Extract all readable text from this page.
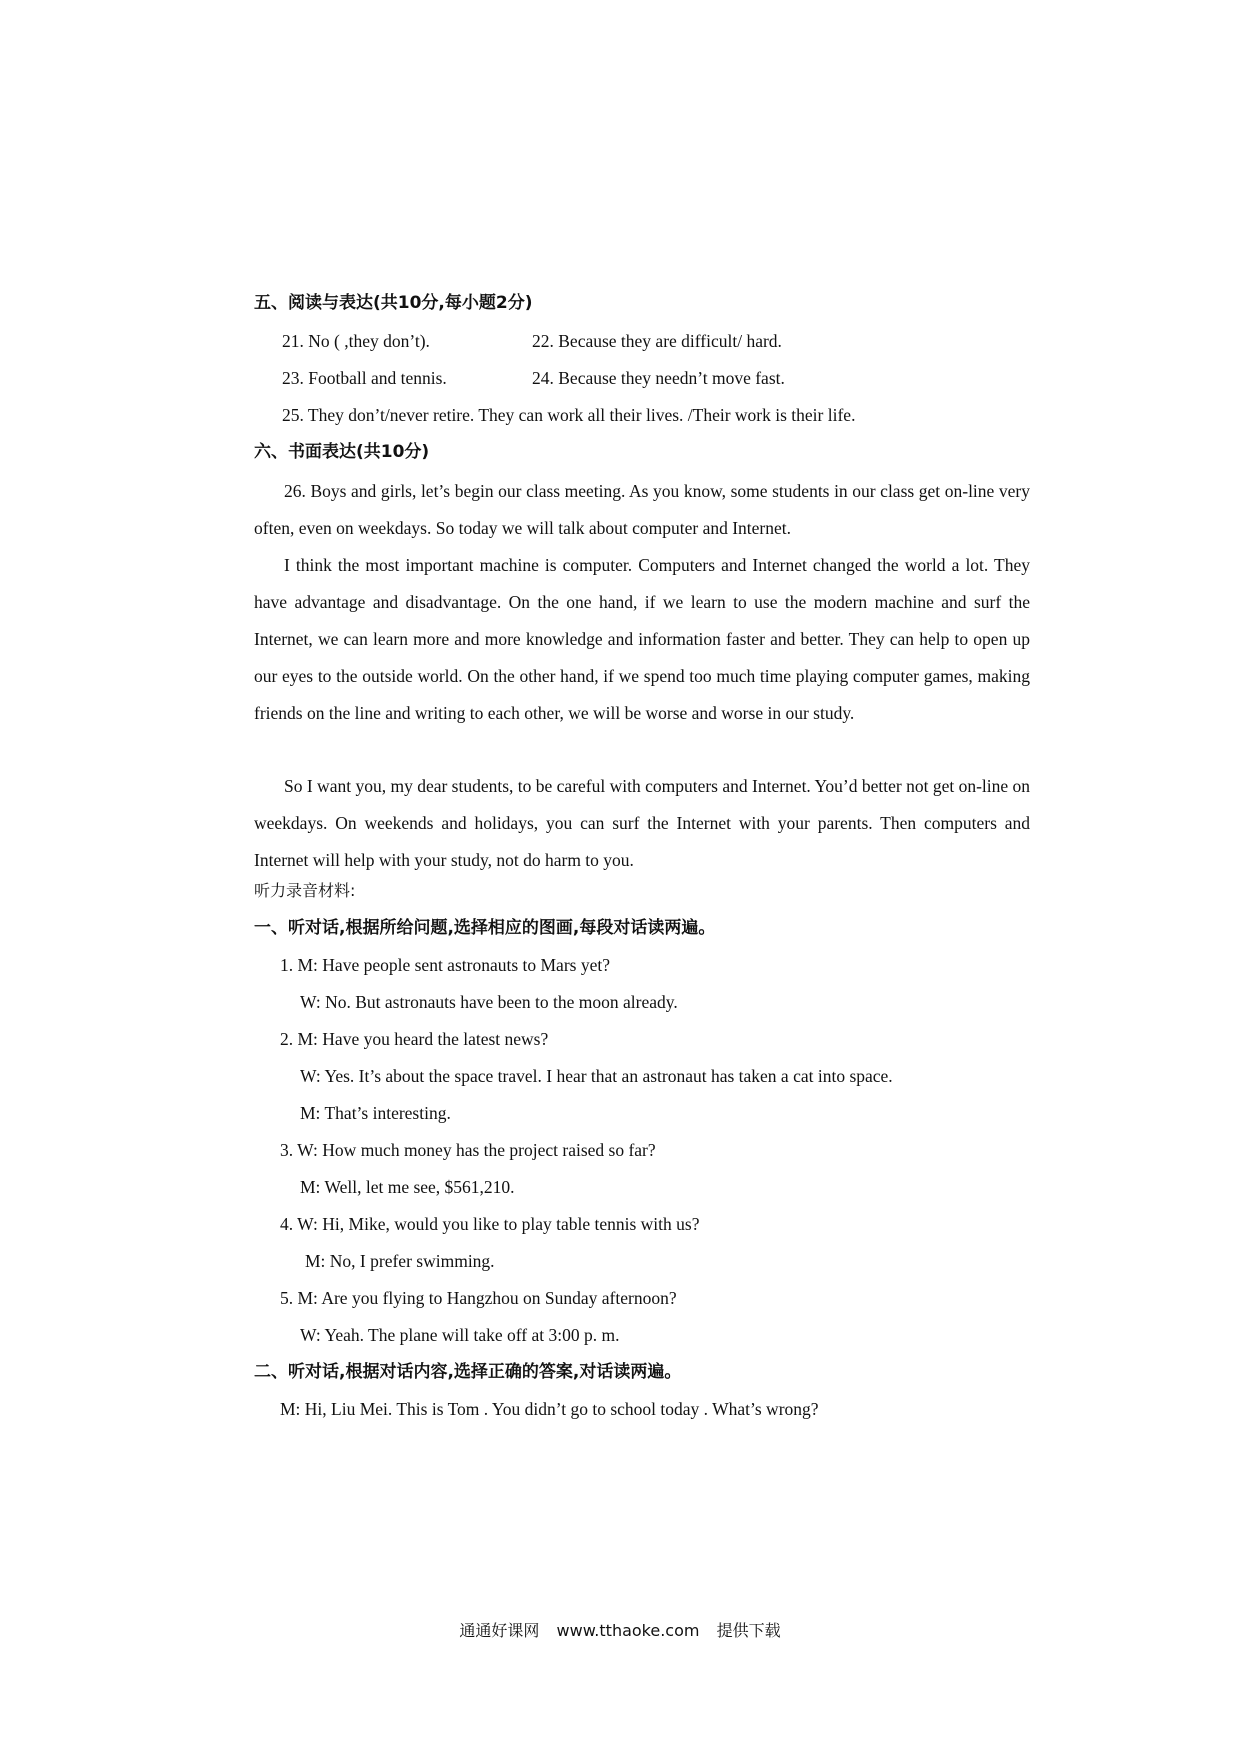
五、阅读与表达(共10分,每小题2分)
21. No ( ,they don’t).	22. Because they are difficult/ hard.
23. Football and tennis.	24. Because they needn’t move fast.
25. They don’t/never retire. They can work all their lives. /Their work is their life.
六、书面表达(共10分)
26. Boys and girls, let’s begin our class meeting. As you know, some students in our class get on-line very often, even on weekdays. So today we will talk about computer and Internet.
I think the most important machine is computer. Computers and Internet changed the world a lot. They have advantage and disadvantage. On the one hand, if we learn to use the modern machine and surf the Internet, we can learn more and more knowledge and information faster and better. They can help to open up our eyes to the outside world. On the other hand, if we spend too much time playing computer games, making friends on the line and writing to each other, we will be worse and worse in our study.
So I want you, my dear students, to be careful with computers and Internet. You’d better not get on-line on weekdays. On weekends and holidays, you can surf the Internet with your parents. Then computers and Internet will help with your study, not do harm to you.
听力录音材料:
一、听对话,根据所给问题,选择相应的图画,每段对话读两遍。
1. M: Have people sent astronauts to Mars yet?
W: No. But astronauts have been to the moon already.
2. M: Have you heard the latest news?
W: Yes. It’s about the space travel. I hear that an astronaut has taken a cat into space.
M: That’s interesting.
3. W: How much money has the project raised so far?
M: Well, let me see, $561,210.
4. W: Hi, Mike, would you like to play table tennis with us?
M: No, I prefer swimming.
5. M: Are you flying to Hangzhou on Sunday afternoon?
W: Yeah. The plane will take off at 3:00 p. m.
二、听对话,根据对话内容,选择正确的答案,对话读两遍。
M: Hi, Liu Mei. This is Tom . You didn’t go to school today . What’s wrong?
通通好课网 www.tthaoke.com 提供下载
